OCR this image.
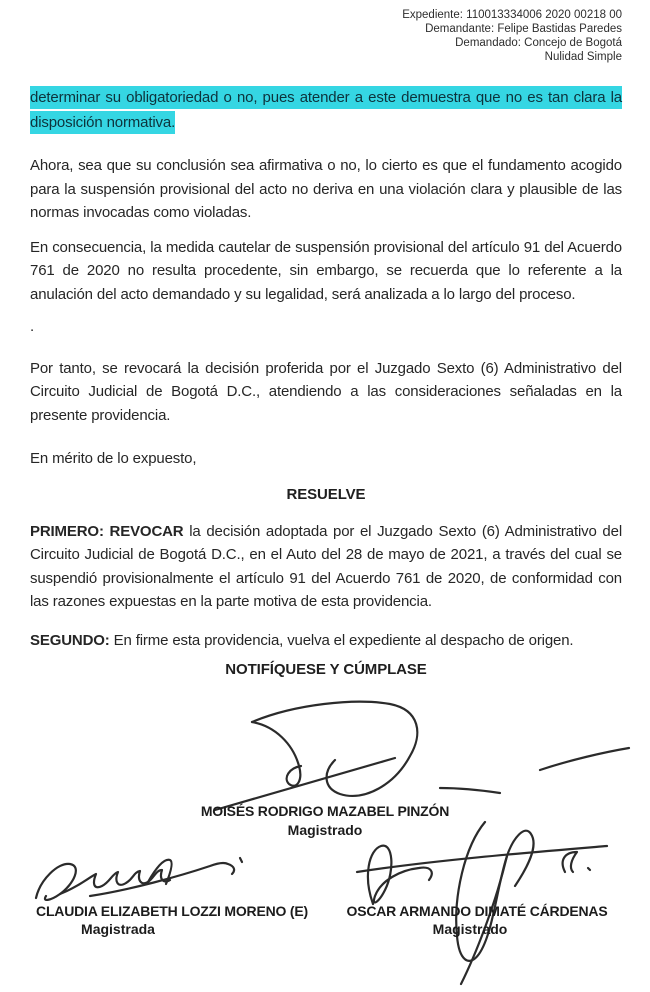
Expediente: 110013334006 2020 00218 00
Demandante: Felipe Bastidas Paredes
Demandado: Concejo de Bogotá
Nulidad Simple
determinar su obligatoriedad o no, pues atender a este demuestra que no es tan clara la disposición normativa.
Ahora, sea que su conclusión sea afirmativa o no, lo cierto es que el fundamento acogido para la suspensión provisional del acto no deriva en una violación clara y plausible de las normas invocadas como violadas.
En consecuencia, la medida cautelar de suspensión provisional del artículo 91 del Acuerdo 761 de 2020 no resulta procedente, sin embargo, se recuerda que lo referente a la anulación del acto demandado y su legalidad, será analizada a lo largo del proceso.
.
Por tanto, se revocará la decisión proferida por el Juzgado Sexto (6) Administrativo del Circuito Judicial de Bogotá D.C., atendiendo a las consideraciones señaladas en la presente providencia.
En mérito de lo expuesto,
RESUELVE
PRIMERO: REVOCAR la decisión adoptada por el Juzgado Sexto (6) Administrativo del Circuito Judicial de Bogotá D.C., en el Auto del 28 de mayo de 2021, a través del cual se suspendió provisionalmente el artículo 91 del Acuerdo 761 de 2020, de conformidad con las razones expuestas en la parte motiva de esta providencia.
SEGUNDO: En firme esta providencia, vuelva el expediente al despacho de origen.
NOTIFÍQUESE Y CÚMPLASE
MOISÉS RODRIGO MAZABEL PINZÓN
Magistrado
CLAUDIA ELIZABETH LOZZI MORENO (E)
Magistrada
OSCAR ARMANDO DIMATÉ CÁRDENAS
Magistrado
